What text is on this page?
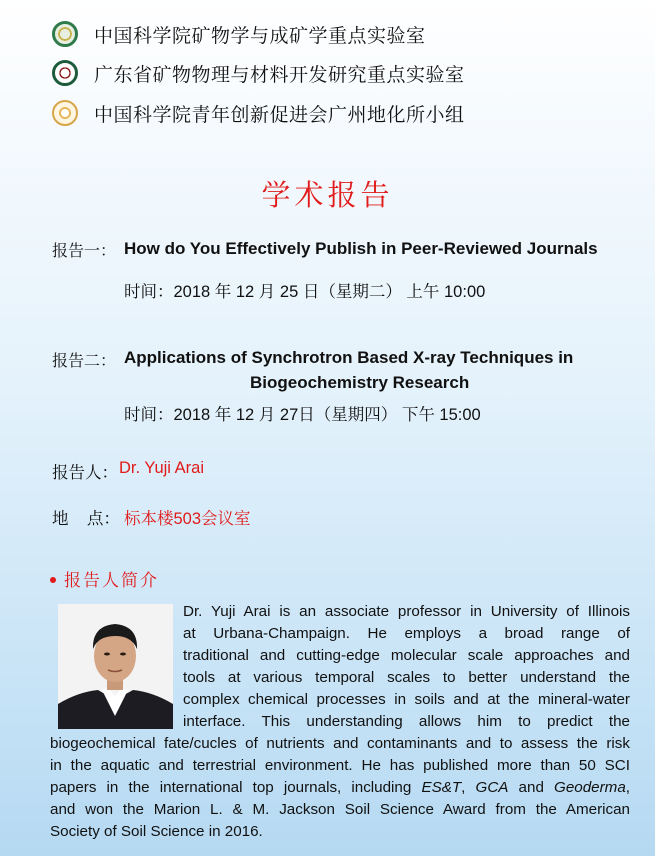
中国科学院矿物学与成矿学重点实验室
广东省矿物物理与材料开发研究重点实验室
中国科学院青年创新促进会广州地化所小组
学术报告
报告一： How do You Effectively Publish in Peer-Reviewed Journals
时间：2018 年 12 月 25 日（星期二） 上午 10:00
报告二： Applications of Synchrotron Based X-ray Techniques in
Biogeochemistry Research
时间：2018 年 12 月 27日（星期四） 下午 15:00
报告人： Dr. Yuji Arai
地    点： 标本楼503会议室
报告人简介
Dr. Yuji Arai is an associate professor in University of Illinois
at Urbana-Champaign. He employs a broad range of
traditional and cutting-edge molecular scale approaches and
tools at various temporal scales to better understand the
complex chemical processes in soils and at the mineral-water
interface. This understanding allows him to predict the
biogeochemical fate/cucles of nutrients and contaminants and to assess the risk
in the aquatic and terrestrial environment. He has published more than 50 SCI
papers in the international top journals, including ES&T, GCA and Geoderma,
and won the Marion L. & M. Jackson Soil Science Award from the American
Society of Soil Science in 2016.
